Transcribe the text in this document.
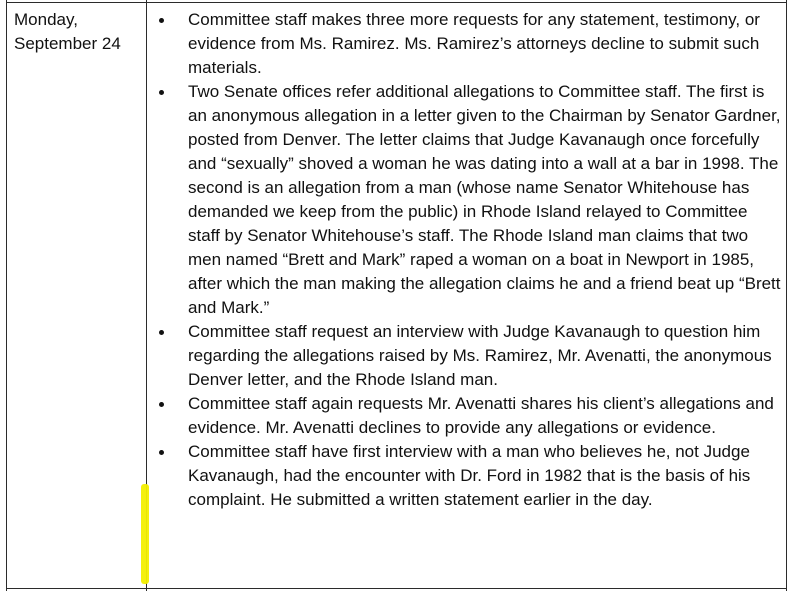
Monday,
September 24
Committee staff makes three more requests for any statement, testimony, or evidence from Ms. Ramirez. Ms. Ramirez’s attorneys decline to submit such materials.
Two Senate offices refer additional allegations to Committee staff. The first is an anonymous allegation in a letter given to the Chairman by Senator Gardner, posted from Denver. The letter claims that Judge Kavanaugh once forcefully and “sexually” shoved a woman he was dating into a wall at a bar in 1998. The second is an allegation from a man (whose name Senator Whitehouse has demanded we keep from the public) in Rhode Island relayed to Committee staff by Senator Whitehouse’s staff. The Rhode Island man claims that two men named “Brett and Mark” raped a woman on a boat in Newport in 1985, after which the man making the allegation claims he and a friend beat up “Brett and Mark.”
Committee staff request an interview with Judge Kavanaugh to question him regarding the allegations raised by Ms. Ramirez, Mr. Avenatti, the anonymous Denver letter, and the Rhode Island man.
Committee staff again requests Mr. Avenatti shares his client’s allegations and evidence. Mr. Avenatti declines to provide any allegations or evidence.
Committee staff have first interview with a man who believes he, not Judge Kavanaugh, had the encounter with Dr. Ford in 1982 that is the basis of his complaint. He submitted a written statement earlier in the day.
